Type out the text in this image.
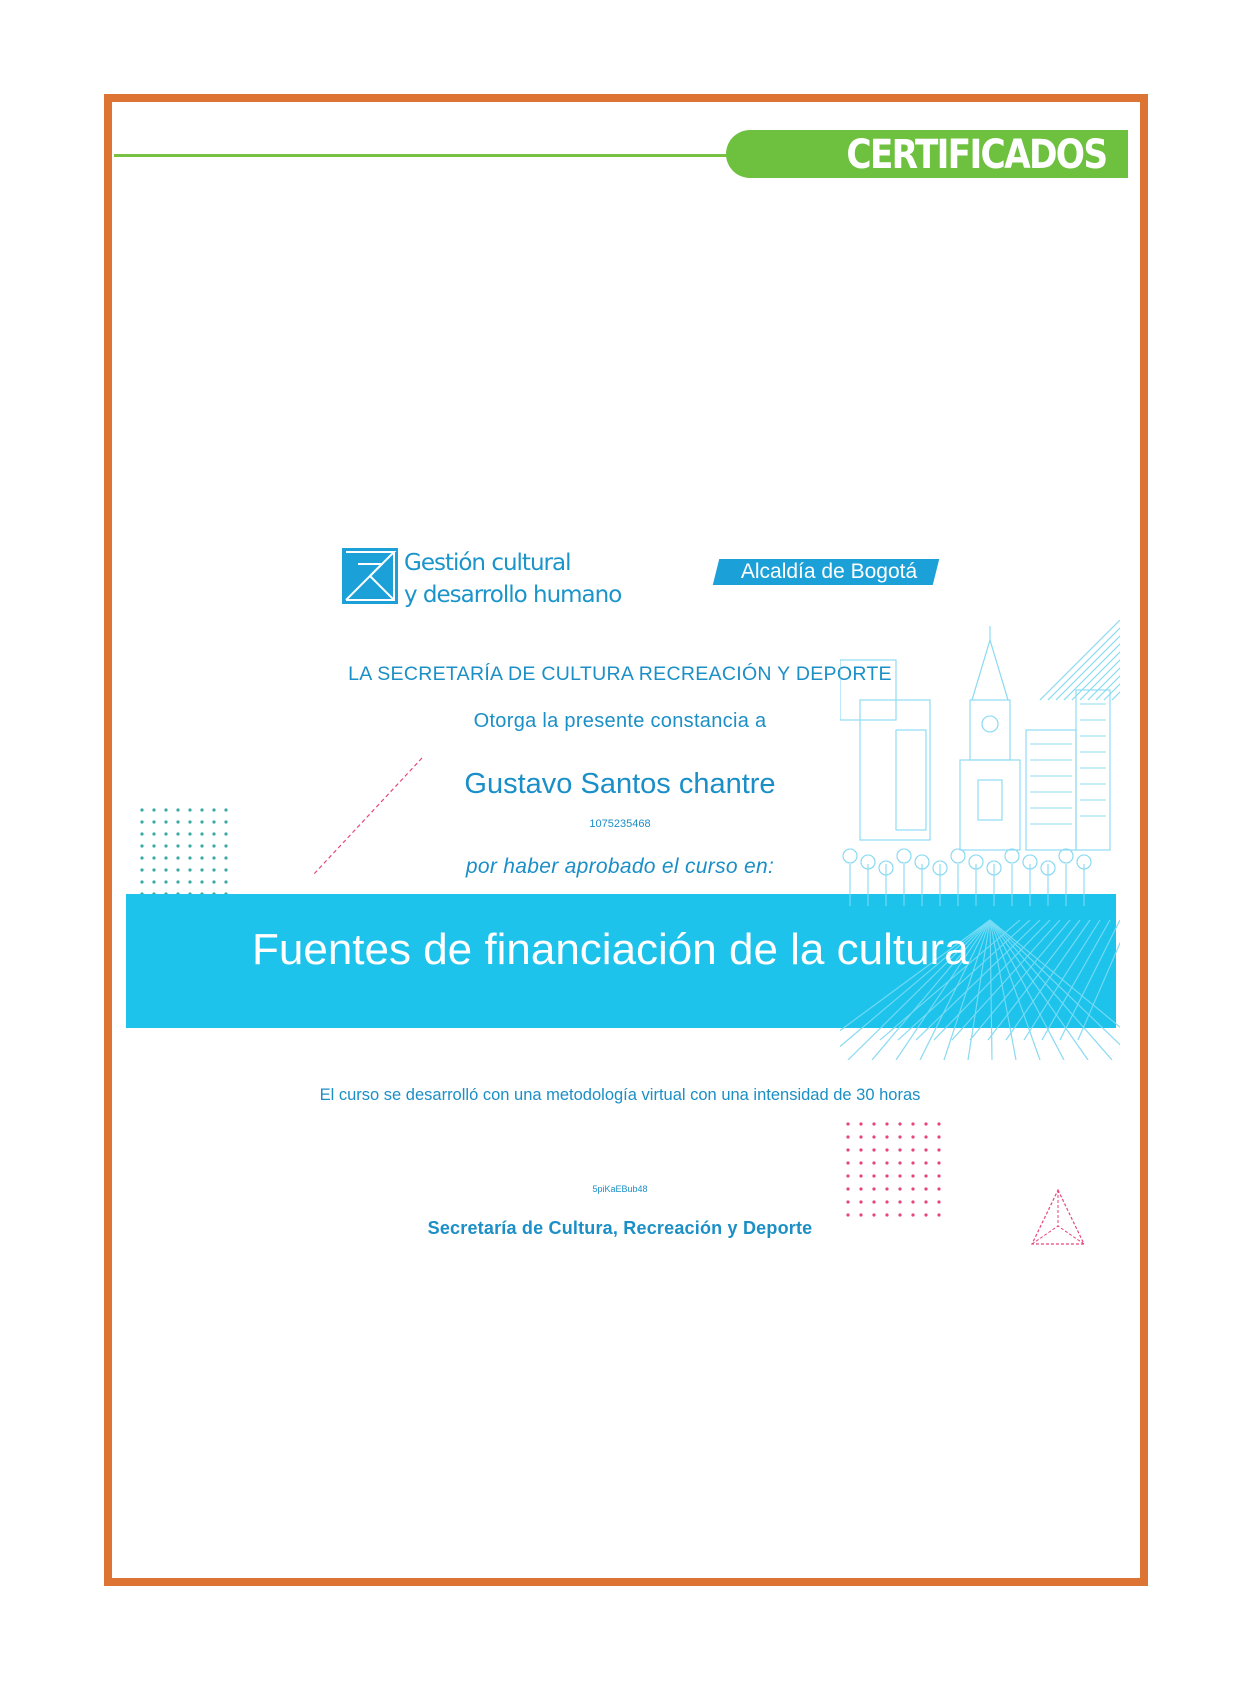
CERTIFICADOS
Gestión cultural
y desarrollo humano
Alcaldía de Bogotá
LA SECRETARÍA DE CULTURA RECREACIÓN Y DEPORTE
Otorga la presente constancia a
Gustavo Santos chantre
1075235468
por haber aprobado el curso en:
Fuentes de financiación de la cultura
El curso se desarrolló con una metodología virtual con una intensidad de 30 horas
5piKaEBub48
Secretaría de Cultura, Recreación y Deporte
